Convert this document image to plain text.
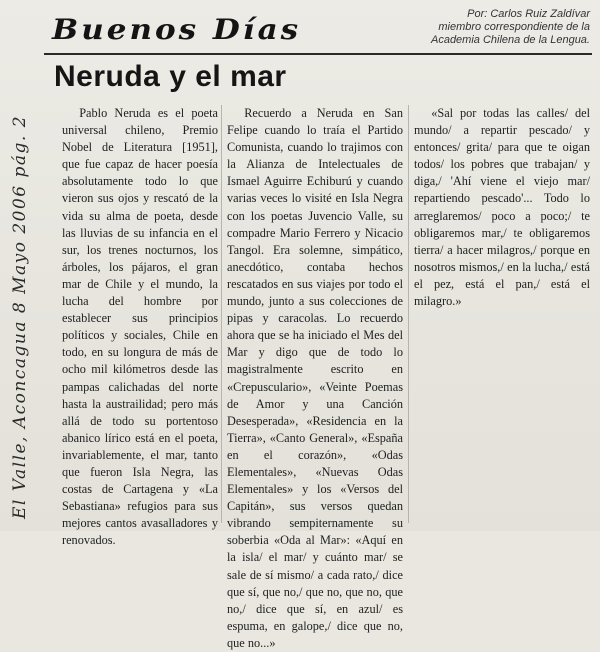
Buenos Días	Por: Carlos Ruiz Zaldívar
miembro correspondiente de la
Academia Chilena de la Lengua.
Neruda y el mar
El Valle, Aconcagua 8 Mayo 2006 pág. 2

Pablo Neruda es el poeta universal chileno, Premio Nobel de Literatura [1951], que fue capaz de hacer poesía absolutamente todo lo que vieron sus ojos y rescató de la vida su alma de poeta, desde las lluvias de su infancia en el sur, los trenes nocturnos, los árboles, los pájaros, el gran mar de Chile y el mundo, la lucha del hombre por establecer sus principios políticos y sociales, Chile en todo, en su longura de más de ocho mil kilómetros desde las pampas calichadas del norte hasta la austrailidad; pero más allá de todo su portentoso abanico lírico está en el poeta, invariablemente, el mar, tanto que fueron Isla Negra, las costas de Cartagena y «La Sebastiana» refugios para sus mejores cantos avasalladores y renovados.

Recuerdo a Neruda en San Felipe cuando lo traía el Partido Comunista, cuando lo trajimos con la Alianza de Intelectuales de Ismael Aguirre Echiburú y cuando varias veces lo visité en Isla Negra con los poetas Juvencio Valle, su compadre Mario Ferrero y Nicacio Tangol. Era solemne, simpático, anecdótico, contaba hechos rescatados en sus viajes por todo el mundo, junto a sus colecciones de pipas y caracolas. Lo recuerdo ahora que se ha iniciado el Mes del Mar y digo que de todo lo magistralmente escrito en «Crepusculario», «Veinte Poemas de Amor y una Canción Desesperada», «Residencia en la Tierra», «Canto General», «España en el corazón», «Odas Elementales», «Nuevas Odas Elementales» y los «Versos del Capitán», sus versos quedan vibrando sempiternamente su soberbia «Oda al Mar»: «Aquí en la isla/ el mar/ y cuánto mar/ se sale de sí mismo/ a cada rato,/ dice que sí, que no,/ que no, que no, que no,/ dice que sí, en azul/ es espuma, en galope,/ dice que no, que no...»

«Sal por todas las calles/ del mundo/ a repartir pescado/ y entonces/ grita/ para que te oigan todos/ los pobres que trabajan/ y diga,/ 'Ahí viene el viejo mar/ repartiendo pescado'... Todo lo arreglaremos/ poco a poco;/ te obligaremos mar,/ te obligaremos tierra/ a hacer milagros,/ porque en nosotros mismos,/ en la lucha,/ está el pez, está el pan,/ está el milagro.»
